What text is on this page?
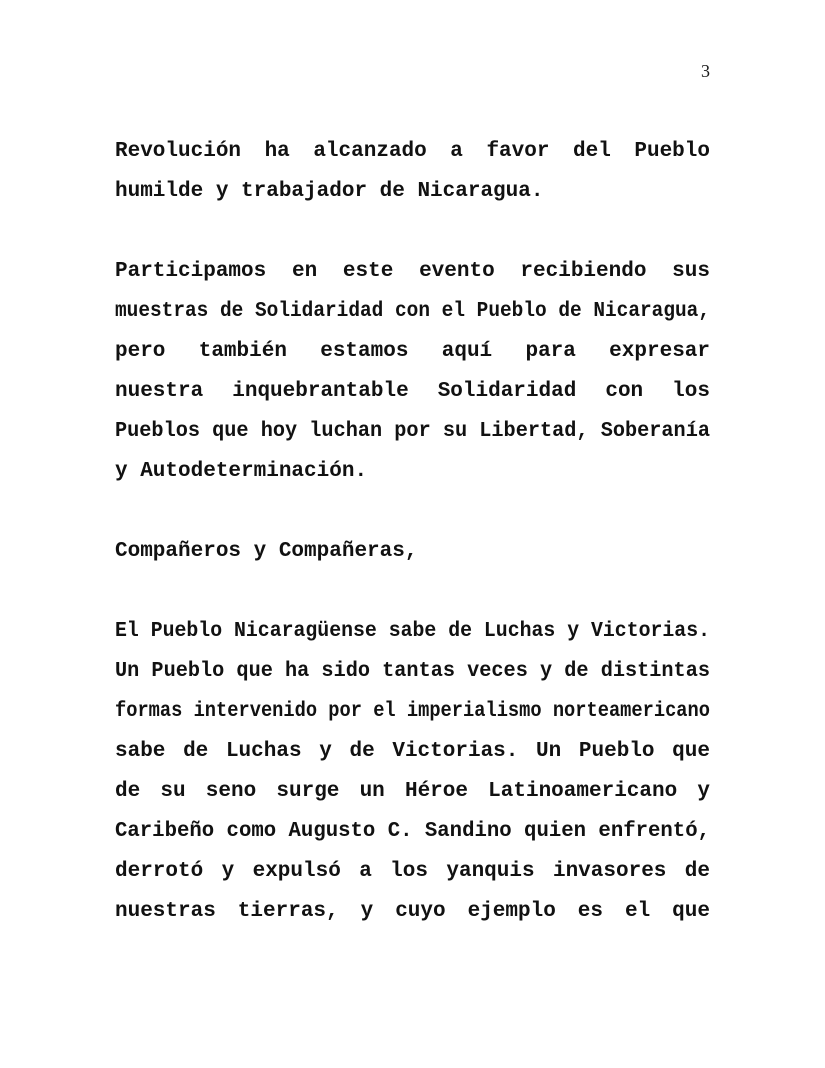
3
Revolución ha alcanzado a favor del Pueblo
humilde y trabajador de Nicaragua.
Participamos en este evento recibiendo sus
muestras de Solidaridad con el Pueblo de Nicaragua,
pero también estamos aquí para expresar
nuestra inquebrantable Solidaridad con los
Pueblos que hoy luchan por su Libertad, Soberanía
y Autodeterminación.
Compañeros y Compañeras,
El Pueblo Nicaragüense sabe de Luchas y Victorias.
Un Pueblo que ha sido tantas veces y de distintas
formas intervenido por el imperialismo norteamericano
sabe de Luchas y de Victorias. Un Pueblo que
de su seno surge un Héroe Latinoamericano y
Caribeño como Augusto C. Sandino quien enfrentó,
derrotó y expulsó a los yanquis invasores de
nuestras tierras, y cuyo ejemplo es el que
